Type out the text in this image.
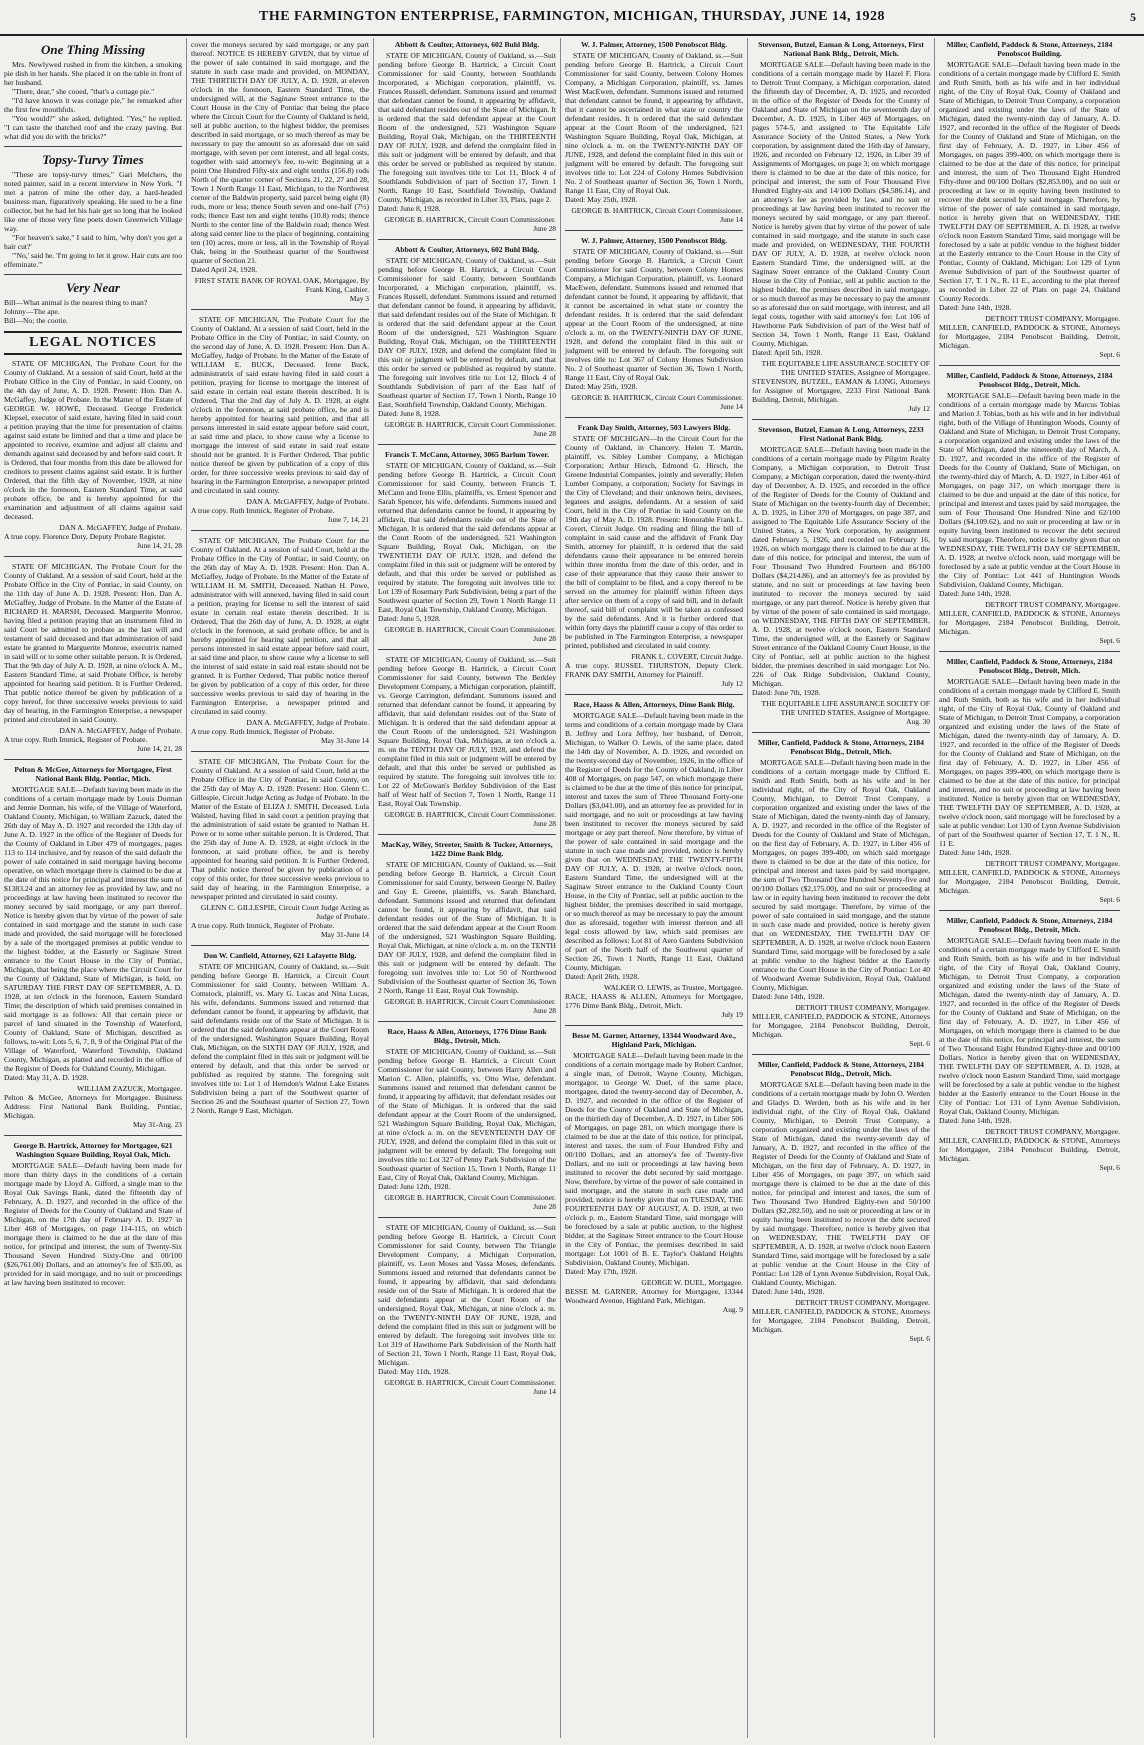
THE FARMINGTON ENTERPRISE, FARMINGTON, MICHIGAN, THURSDAY, JUNE 14, 1928	5
One Thing Missing

Mrs. Newlywed rushed in from the kitchen, a smoking pie dish in her hands. She placed it on the table in front of her husband.

"There, dear," she cooed, "that's a cottage pie."

"I'd have known it was cottage pie," he remarked after the first few mouthfuls.

"You would?" she asked, delighted. "Yes," he replied. "I can taste the thatched roof and the crazy paving. But what did you do with the bricks?"

Topsy-Turvy Times

"These are topsy-turvy times," Gari Melchers, the noted painter, said in a recent interview in New York. "I met a patron of mine the other day, a hard-headed business man, figuratively speaking. He used to be a fine collector, but he had let his hair get so long that he looked like one of those very fine poets down Greenwich Village way.

"For heaven's sake," I said to him, 'why don't you get a hair cut?'

"'No,' said he. 'I'm going to let it grow. Hair cuts are too effeminate.'"

Very Near

Bill—What animal is the nearest thing to man?

Johnny—The ape.

Bill—No; the cootie.

LEGAL NOTICES

STATE OF MICHIGAN, The Probate Court for the County of Oakland. At a session of said Court, held at the Probate Office in the City of Pontiac, in said County, on the 4th day of June, A. D. 1928. Present: Hon. Dan A. McGaffey, Judge of Probate. In the Matter of the Estate of GEORGE W. HOWE, Deceased. George Frederick Klepsel, executor of said estate, having filed in said court a petition praying that the time for presentation of claims against said estate be limited and that a time and place be appointed to receive, examine and adjust all claims and demands against said deceased by and before said court. It is Ordered, that four months from this date be allowed for creditors to present claims against said estate. It is further Ordered, that the fifth day of November, 1928, at nine o'clock in the forenoon, Eastern Standard Time, at said probate office, be and is hereby appointed for the examination and adjustment of all claims against said deceased.

DAN A. McGAFFEY, Judge of Probate.

A true copy. Florence Doty, Deputy Probate Register.

June 14, 21, 28

STATE OF MICHIGAN, The Probate Court for the County of Oakland. At a session of said Court, held at the Probate Office in the City of Pontiac, in said County, on the 11th day of June A. D. 1928. Present: Hon. Dan A. McGaffey, Judge of Probate. In the Matter of the Estate of RICHARD H. MARSH, Deceased. Marguerite Monroe, having filed a petition praying that an instrument filed in said Court be admitted to probate as the last will and testament of said deceased and that administration of said estate be granted to Marguerite Monroe, executrix named in said will or to some other suitable person. It is Ordered, That the 9th day of July A. D. 1928, at nine o'clock A. M., Eastern Standard Time, at said Probate Office, is hereby appointed for hearing said petition. It is Further Ordered, That public notice thereof be given by publication of a copy hereof, for three successive weeks previous to said day of hearing, in the Farmington Enterprise, a newspaper printed and circulated in said County.

DAN A. McGAFFEY, Judge of Probate.

A true copy. Ruth Immick, Register of Probate.

June 14, 21, 28

Pelton & McGee, Attorneys for Mortgagee, First National Bank Bldg. Pontiac, Mich.

MORTGAGE SALE—Default having been made in the conditions of a certain mortgage made by Louis Dorman and Jennie Dorman, his wife, of the Village of Waterford, Oakland County, Michigan, to William Zazuck, dated the 26th day of May A. D. 1927 and recorded the 13th day of June A. D. 1927 in the office of the Register of Deeds for the County of Oakland in Liber 479 of mortgages, pages 113 to 114 inclusive, and by reason of the said default the power of sale contained in said mortgage having become operative, on which mortgage there is claimed to be due at the date of this notice for principal and interest the sum of $1383.24 and an attorney fee as provided by law, and no proceedings at law having been instituted to recover the money secured by said mortgage, or any part thereof. Notice is hereby given that by virtue of the power of sale contained in said mortgage and the statute in such case made and provided, the said mortgage will be foreclosed by a sale of the mortgaged premises at public vendue to the highest bidder, at the Easterly or Saginaw Street entrance to the Court House in the City of Pontiac, Michigan, that being the place where the Circuit Court for the County of Oakland, State of Michigan, is held, on SATURDAY THE FIRST DAY OF SEPTEMBER, A. D. 1928, at ten o'clock in the forenoon, Eastern Standard Time; the description of which said premises contained in said mortgage is as follows: All that certain piece or parcel of land situated in the Township of Waterford, County of Oakland, State of Michigan, described as follows, to-wit: Lots 5, 6, 7, 8, 9 of the Original Plat of the Village of Waterford, Waterford Township, Oakland County, Michigan, as platted and recorded in the office of the Register of Deeds for Oakland County, Michigan.

Dated: May 31, A. D. 1928.

WILLIAM ZAZUCK, Mortgagee.

Pelton & McGee, Attorneys for Mortgagee. Business Address: First National Bank Building, Pontiac, Michigan.

May 31-Aug. 23

George B. Hartrick, Attorney for Mortgagee, 621 Washington Square Building, Royal Oak, Mich.

MORTGAGE SALE—Default having been made for more than thirty days in the conditions of a certain mortgage made by Lloyd A. Gifford, a single man to the Royal Oak Savings Bank, dated the fifteenth day of February, A. D. 1927, and recorded in the office of the Register of Deeds for the County of Oakland and State of Michigan, on the 17th day of February A. D. 1927 in Liber 468 of Mortgages, on page 114-115, on which mortgage there is claimed to be due at the date of this notice, for principal and interest, the sum of Twenty-Six Thousand Seven Hundred Sixty-One and 00/100 ($26,761.00) Dollars, and an attorney's fee of $35.00, as provided for in said mortgage, and no suit or proceedings at law having been instituted to recover.

cover the moneys secured by said mortgage, or any part thereof. NOTICE IS HEREBY GIVEN, that by virtue of the power of sale contained in said mortgage, and the statute in such case made and provided, on MONDAY, THE THIRTIETH DAY OF JULY, A. D. 1928, at eleven o'clock in the forenoon, Eastern Standard Time, the undersigned will, at the Saginaw Street entrance to the Court House in the City of Pontiac that being the place where the Circuit Court for the County of Oakland is held, sell at public auction, to the highest bidder, the premises described in said mortgage, or so much thereof as may be necessary to pay the amount so as aforesaid due on said mortgage, with seven per cent interest, and all legal costs, together with said attorney's fee, to-wit: Beginning at a point One Hundred Fifty-six and eight tenths (156.8) rods North of the quarter corner of Sections 21, 22, 27 and 28, Town 1 North Range 11 East, Michigan, to the Northwest corner of the Baldwin property, said parcel being eight (8) rods, more or less; thence South seven and one-half (7½) rods; thence East ten and eight tenths (10.8) rods; thence North to the center line of the Baldwin road; thence West along said center line to the place of beginning, containing ten (10) acres, more or less, all in the Township of Royal Oak, being in the Southeast quarter of the Southwest quarter of Section 21.

Dated April 24, 1928.

FIRST STATE BANK OF ROYAL OAK, Mortgagee. By Frank King, Cashier.

May 3

STATE OF MICHIGAN, The Probate Court for the County of Oakland. At a session of said Court, held in the Probate Office in the City of Pontiac, in said County, on the second day of June, A. D. 1928. Present: Hon. Dan A. McGaffey, Judge of Probate. In the Matter of the Estate of WILLIAM E. BUCK, Deceased. Irene Buck, administratrix of said estate having filed in said court a petition, praying for license to mortgage the interest of said estate in certain real estate therein described. It is Ordered, That the 2nd day of July A. D. 1928, at eight o'clock in the forenoon, at said probate office, be and is hereby appointed for hearing said petition, and that all persons interested in said estate appear before said court, at said time and place, to show cause why a license to mortgage the interest of said estate in said real estate should not be granted. It is Further Ordered, That public notice thereof be given by publication of a copy of this order, for three successive weeks previous to said day of hearing in the Farmington Enterprise, a newspaper printed and circulated in said county.

DAN A. McGAFFEY, Judge of Probate.

A true copy. Ruth Immick, Register of Probate.

June 7, 14, 21

STATE OF MICHIGAN, The Probate Court for the County of Oakland. At a session of said Court, held at the Probate Office in the City of Pontiac, in said County, on the 26th day of May A. D. 1928. Present: Hon. Dan A. McGaffey, Judge of Probate. In the Matter of the Estate of WILLIAM H. M. SMITH, Deceased. Nathan H. Powe, administrator with will annexed, having filed in said court a petition, praying for license to sell the interest of said estate in certain real estate therein described. It is Ordered, That the 26th day of June, A. D. 1928, at eight o'clock in the forenoon, at said probate office, be and is hereby appointed for hearing said petition, and that all persons interested in said estate appear before said court, at said time and place, to show cause why a license to sell the interest of said estate in said real estate should not be granted. It is Further Ordered, That public notice thereof be given by publication of a copy of this order, for three successive weeks previous to said day of hearing in the Farmington Enterprise, a newspaper printed and circulated in said county.

DAN A. McGAFFEY, Judge of Probate.

A true copy. Ruth Immick, Register of Probate.

May 31-June 14

STATE OF MICHIGAN, The Probate Court for the County of Oakland. At a session of said Court, held at the Probate Office in the City of Pontiac, in said County, on the 25th day of May A. D. 1928. Present: Hon. Glenn C. Gillespie, Circuit Judge Acting as Judge of Probate. In the Matter of the Estate of ELIZA J. SMITH, Deceased. Lula Walsted, having filed in said court a petition praying that the administration of said estate be granted to Nathan H. Powe or to some other suitable person. It is Ordered, That the 25th day of June A. D. 1928, at eight o'clock in the forenoon, at said probate office, be and is hereby appointed for hearing said petition. It is Further Ordered, That public notice thereof be given by publication of a copy of this order, for three successive weeks previous to said day of hearing, in the Farmington Enterprise, a newspaper printed and circulated in said county.

GLENN C. GILLESPIE, Circuit Court Judge Acting as Judge of Probate.

A true copy. Ruth Immick, Register of Probate.

May 31-June 14

Don W. Canfield, Attorney, 621 Lafayette Bldg.

STATE OF MICHIGAN, County of Oakland, ss.—Suit pending before George B. Hartrick, a Circuit Court Commissioner for said County, between William A. Comstock, plaintiff, vs. Mary G. Lucas and Nina Lucas, his wife, defendants. Summons issued and returned that defendant cannot be found, it appearing by affidavit, that said defendants reside out of the State of Michigan. It is ordered that the said defendants appear at the Court Room of the undersigned, Washington Square Building, Royal Oak, Michigan, on the SIXTH DAY OF JULY, 1928, and defend the complaint filed in this suit or judgment will be entered by default, and that this order be served or published as required by statute. The foregoing suit involves title to: Lot 1 of Herndon's Walnut Lake Estates Subdivision being a part of the Southwest quarter of Section 26 and the Southeast quarter of Section 27, Town 2 North, Range 9 East, Michigan.

Abbott & Coulter, Attorneys, 602 Buhl Bldg.

STATE OF MICHIGAN, County of Oakland, ss.—Suit pending before George B. Hartrick, a Circuit Court Commissioner for said County, between Southlands Incorporated, a Michigan corporation, plaintiff, vs. Frances Russell, defendant. Summons issued and returned that defendant cannot be found, it appearing by affidavit, that said defendant resides out of the State of Michigan. It is ordered that the said defendant appear at the Court Room of the undersigned, 521 Washington Square Building, Royal Oak, Michigan, on the THIRTEENTH DAY OF JULY, 1928, and defend the complaint filed in this suit or judgment will be entered by default, and that this order be served or published as required by statute. The foregoing suit involves title to: Lot 11, Block 4 of Southlands Subdivision of part of Section 17, Town 1 North, Range 10 East, Southfield Township, Oakland County, Michigan, as recorded in Liber 33, Plats, page 2.

Dated: June 8, 1928.

GEORGE B. HARTRICK, Circuit Court Commissioner.

June 28

Abbott & Coulter, Attorneys, 602 Buhl Bldg.

STATE OF MICHIGAN, County of Oakland, ss.—Suit pending before George B. Hartrick, a Circuit Court Commissioner for said County, between Southlands Incorporated, a Michigan corporation, plaintiff, vs. Frances Russell, defendant. Summons issued and returned that defendant cannot be found, it appearing by affidavit, that said defendant resides out of the State of Michigan. It is ordered that the said defendant appear at the Court Room of the undersigned, 521 Washington Square Building, Royal Oak, Michigan, on the THIRTEENTH DAY OF JULY, 1928, and defend the complaint filed in this suit or judgment will be entered by default, and that this order be served or published as required by statute. The foregoing suit involves title to: Lot 12, Block 4 of Southlands Subdivision of part of the East half of Southeast quarter of Section 17, Town 1 North, Range 10 East, Southfield Township, Oakland County, Michigan.

Dated: June 8, 1928.

GEORGE B. HARTRICK, Circuit Court Commissioner.

June 28

Francis T. McCann, Attorney, 3065 Barlum Tower.

STATE OF MICHIGAN, County of Oakland, ss.—Suit pending before George B. Hartrick, a Circuit Court Commissioner for said County, between Francis T. McCann and Irene Ellis, plaintiffs, vs. Ernest Spencer and Sarah Spencer, his wife, defendants. Summons issued and returned that defendants cannot be found, it appearing by affidavit, that said defendants reside out of the State of Michigan. It is ordered that the said defendants appear at the Court Room of the undersigned, 521 Washington Square Building, Royal Oak, Michigan, on the TWENTIETH DAY OF JULY, 1928, and defend the complaint filed in this suit or judgment will be entered by default, and that this order be served or published as required by statute. The foregoing suit involves title to: Lot 139 of Rosemary Park Subdivision, being a part of the Southwest quarter of Section 29, Town 1 North Range 11 East, Royal Oak Township, Oakland County, Michigan.

Dated: June 5, 1928.

GEORGE B. HARTRICK, Circuit Court Commissioner.

June 28

STATE OF MICHIGAN, County of Oakland, ss.—Suit pending before George B. Hartrick, a Circuit Court Commissioner for said County, between The Berkley Development Company, a Michigan corporation, plaintiff, vs. George Carrington, defendant. Summons issued and returned that defendant cannot be found, it appearing by affidavit, that said defendant resides out of the State of Michigan. It is ordered that the said defendant appear at the Court Room of the undersigned, 521 Washington Square Building, Royal Oak, Michigan, at ten o'clock a. m. on the TENTH DAY OF JULY, 1928, and defend the complaint filed in this suit or judgment will be entered by default, and that this order be served or published as required by statute. The foregoing suit involves title to: Lot 22 of McGowan's Berkley Subdivision of the East half of West half of Section 7, Town 1 North, Range 11 East, Royal Oak Township.

GEORGE B. HARTRICK, Circuit Court Commissioner.

June 28

MacKay, Wiley, Streeter, Smith & Tucker, Attorneys, 1422 Dime Bank Bldg.

STATE OF MICHIGAN, County of Oakland, ss.—Suit pending before George B. Hartrick, a Circuit Court Commissioner for said County, between George N. Bailey and Guy E. Greene, plaintiffs, vs. Sarah Blanchard, defendant. Summons issued and returned that defendant cannot be found, it appearing by affidavit, that said defendant resides out of the State of Michigan. It is ordered that the said defendant appear at the Court Room of the undersigned, 521 Washington Square Building, Royal Oak, Michigan, at nine o'clock a. m. on the TENTH DAY OF JULY, 1928, and defend the complaint filed in this suit or judgment will be entered by default. The foregoing suit involves title to: Lot 50 of Northwood Subdivision of the Southeast quarter of Section 36, Town 2 North, Range 11 East, Royal Oak Township.

GEORGE B. HARTRICK, Circuit Court Commissioner.

June 28

Race, Haass & Allen, Attorneys, 1776 Dime Bank Bldg., Detroit, Mich.

STATE OF MICHIGAN, County of Oakland, ss.—Suit pending before George B. Hartrick, a Circuit Court Commissioner for said County, between Harry Allen and Marion C. Allen, plaintiffs, vs. Otto Wise, defendant. Summons issued and returned that defendant cannot be found, it appearing by affidavit, that defendant resides out of the State of Michigan. It is ordered that the said defendant appear at the Court Room of the undersigned, 521 Washington Square Building, Royal Oak, Michigan, at nine o'clock a. m. on the SEVENTEENTH DAY OF JULY, 1928, and defend the complaint filed in this suit or judgment will be entered by default. The foregoing suit involves title to: Lot 327 of Penny Park Subdivision of the Southeast quarter of Section 15, Town 1 North, Range 11 East, City of Royal Oak, Oakland County, Michigan.

Dated: June 12th, 1928.

GEORGE B. HARTRICK, Circuit Court Commissioner.

June 28

STATE OF MICHIGAN, County of Oakland, ss.—Suit pending before George B. Hartrick, a Circuit Court Commissioner for said County, between The Triangle Development Company, a Michigan Corporation, plaintiff, vs. Leon Moses and Vassa Moses, defendants. Summons issued and returned that defendants cannot be found, it appearing by affidavit, that said defendants reside out of the State of Michigan. It is ordered that the said defendants appear at the Court Room of the undersigned, Royal Oak, Michigan, at nine o'clock a. m. on the TWENTY-NINTH DAY OF JUNE, 1928, and defend the complaint filed in this suit or judgment will be entered by default. The foregoing suit involves title to: Lot 319 of Hawthorne Park Subdivision of the North half of Section 21, Town 1 North, Range 11 East, Royal Oak, Michigan.

Dated: May 11th, 1928.

GEORGE B. HARTRICK, Circuit Court Commissioner.

June 14

W. J. Palmer, Attorney, 1500 Penobscot Bldg.

STATE OF MICHIGAN, County of Oakland, ss.—Suit pending before George B. Hartrick, a Circuit Court Commissioner for said County, between Colony Homes Company, a Michigan Corporation, plaintiff, vs. James West MacEwen, defendant. Summons issued and returned that defendant cannot be found, it appearing by affidavit, that it cannot be ascertained in what state or country the defendant resides. It is ordered that the said defendant appear at the Court Room of the undersigned, 521 Washington Square Building, Royal Oak, Michigan, at nine o'clock a. m. on the TWENTY-NINTH DAY OF JUNE, 1928, and defend the complaint filed in this suit or judgment will be entered by default. The foregoing suit involves title to: Lot 224 of Colony Homes Subdivision No. 2 of Southeast quarter of Section 36, Town 1 North, Range 11 East, City of Royal Oak.

Dated: May 25th, 1928.

GEORGE B. HARTRICK, Circuit Court Commissioner.

June 14

W. J. Palmer, Attorney, 1500 Penobscot Bldg.

STATE OF MICHIGAN, County of Oakland, ss.—Suit pending before George B. Hartrick, a Circuit Court Commissioner for said County, between Colony Homes Company, a Michigan Corporation, plaintiff, vs. Leonard MacEwen, defendant. Summons issued and returned that defendant cannot be found, it appearing by affidavit, that it cannot be ascertained in what state or country the defendant resides. It is ordered that the said defendant appear at the Court Room of the undersigned, at nine o'clock a. m. on the TWENTY-NINTH DAY OF JUNE, 1928, and defend the complaint filed in this suit or judgment will be entered by default. The foregoing suit involves title to: Lot 367 of Colony Homes Subdivision No. 2 of Southeast quarter of Section 36, Town 1 North, Range 11 East, City of Royal Oak.

Dated: May 25th, 1928.

GEORGE B. HARTRICK, Circuit Court Commissioner.

June 14

Frank Day Smith, Attorney, 503 Lawyers Bldg.

STATE OF MICHIGAN—In the Circuit Court for the County of Oakland, in Chancery. Helen T. Martin, plaintiff, vs. Sibley Lumber Company, a Michigan Corporation; Arthur Hirsch, Edmond G. Hirsch, the Greene Industrial Companies, jointly and severally; Helen Lumber Company, a corporation; Society for Savings in the City of Cleveland; and their unknown heirs, devisees, legatees and assigns, defendants. At a session of said Court, held in the City of Pontiac in said County on the 19th day of May A. D. 1928. Present: Honorable Frank L. Covert, Circuit Judge. On reading and filing the bill of complaint in said cause and the affidavit of Frank Day Smith, attorney for plaintiff, it is ordered that the said defendants cause their appearance to be entered herein within three months from the date of this order, and in case of their appearance that they cause their answer to the bill of complaint to be filed, and a copy thereof to be served on the attorney for plaintiff within fifteen days after service on them of a copy of said bill, and in default thereof, said bill of complaint will be taken as confessed by the said defendants. And it is further ordered that within forty days the plaintiff cause a copy of this order to be published in The Farmington Enterprise, a newspaper printed, published and circulated in said county.

FRANK L. COVERT, Circuit Judge.

A true copy. RUSSEL THURSTON, Deputy Clerk. FRANK DAY SMITH, Attorney for Plaintiff.

July 12

Race, Haass & Allen, Attorneys, Dime Bank Bldg.

MORTGAGE SALE—Default having been made in the terms and conditions of a certain mortgage made by Clara B. Jeffrey and Lora Jeffrey, her husband, of Detroit, Michigan, to Walker O. Lewis, of the same place, dated the 14th day of November, A. D. 1926, and recorded on the twenty-second day of November, 1926, in the office of the Register of Deeds for the County of Oakland, in Liber 408 of Mortgages, on page 547, on which mortgage there is claimed to be due at the time of this notice for principal, interest and taxes the sum of Three Thousand Forty-one Dollars ($3,041.00), and an attorney fee as provided for in said mortgage, and no suit or proceedings at law having been instituted to recover the moneys secured by said mortgage or any part thereof. Now therefore, by virtue of the power of sale contained in said mortgage and the statute in such case made and provided, notice is hereby given that on WEDNESDAY, THE TWENTY-FIFTH DAY OF JULY, A. D. 1928, at twelve o'clock noon, Eastern Standard Time, the undersigned will at the Saginaw Street entrance to the Oakland County Court House, in the City of Pontiac, sell at public auction to the highest bidder, the premises described in said mortgage, or so much thereof as may be necessary to pay the amount due as aforesaid, together with interest thereon and all legal costs allowed by law, which said premises are described as follows: Lot 81 of Aero Gardens Subdivision of part of the North half of the Southwest quarter of Section 26, Town 1 North, Range 11 East, Oakland County, Michigan.

Dated: April 26th, 1928.

WALKER O. LEWIS, as Trustee, Mortgagee.

RACE, HAASS & ALLEN, Attorneys for Mortgagee, 1776 Dime Bank Bldg., Detroit, Mich.

July 19

Besse M. Garner, Attorney, 13344 Woodward Ave., Highland Park, Michigan.

MORTGAGE SALE—Default having been made in the conditions of a certain mortgage made by Robert Cardner, a single man, of Detroit, Wayne County, Michigan, mortgagor, to George W. Duel, of the same place, mortgagee, dated the twenty-second day of December, A. D. 1927, and recorded in the office of the Register of Deeds for the County of Oakland and State of Michigan, on the thirtieth day of December, A. D. 1927, in Liber 506 of Mortgages, on page 281, on which mortgage there is claimed to be due at the date of this notice, for principal, interest and taxes, the sum of Four Hundred Fifty and 00/100 Dollars, and an attorney's fee of Twenty-five Dollars, and no suit or proceedings at law having been instituted to recover the debt secured by said mortgage. Now, therefore, by virtue of the power of sale contained in said mortgage, and the statute in such case made and provided, notice is hereby given that on TUESDAY, THE FOURTEENTH DAY OF AUGUST, A. D. 1928, at two o'clock p. m., Eastern Standard Time, said mortgage will be foreclosed by a sale at public auction, to the highest bidder, at the Saginaw Street entrance to the Court House in the City of Pontiac, the premises described in said mortgage: Lot 1001 of B. E. Taylor's Oakland Heights Subdivision, Oakland County, Michigan.

Dated: May 17th, 1928.

GEORGE W. DUEL, Mortgagee.

BESSE M. GARNER, Attorney for Mortgagee, 13344 Woodward Avenue, Highland Park, Michigan.

Aug. 9

Stevenson, Butzel, Eaman & Long, Attorneys, First National Bank Bldg., Detroit, Mich.

MORTGAGE SALE—Default having been made in the conditions of a certain mortgage made by Hazel F. Flora to Detroit Trust Company, a Michigan corporation, dated the fifteenth day of December, A. D. 1925, and recorded in the office of the Register of Deeds for the County of Oakland and State of Michigan on the seventeenth day of December, A. D. 1925, in Liber 469 of Mortgages, on pages 574-5, and assigned to The Equitable Life Assurance Society of the United States, a New York corporation, by assignment dated the 16th day of January, 1926, and recorded on February 12, 1926, in Liber 39 of Assignments of Mortgages, on page 3; on which mortgage there is claimed to be due at the date of this notice, for principal and interest, the sum of Four Thousand Five Hundred Eighty-six and 14/100 Dollars ($4,586.14), and an attorney's fee as provided by law, and no suit or proceedings at law having been instituted to recover the moneys secured by said mortgage, or any part thereof. Notice is hereby given that by virtue of the power of sale contained in said mortgage, and the statute in such case made and provided, on WEDNESDAY, THE FOURTH DAY OF JULY, A. D. 1928, at twelve o'clock noon Eastern Standard Time, the undersigned will, at the Saginaw Street entrance of the Oakland County Court House in the City of Pontiac, sell at public auction to the highest bidder, the premises described in said mortgage, or so much thereof as may be necessary to pay the amount so as aforesaid due on said mortgage, with interest, and all legal costs, together with said attorney's fee: Lot 106 of Hawthorne Park Subdivision of part of the West half of Section 34, Town 1 North, Range 11 East, Oakland County, Michigan.

Dated: April 5th, 1928.

THE EQUITABLE LIFE ASSURANCE SOCIETY OF THE UNITED STATES, Assignee of Mortgagee.

STEVENSON, BUTZEL, EAMAN & LONG, Attorneys for Assignee of Mortgagee, 2233 First National Bank Building, Detroit, Michigan.

July 12

Stevenson, Butzel, Eaman & Long, Attorneys, 2233 First National Bank Bldg.

MORTGAGE SALE—Default having been made in the conditions of a certain mortgage made by Pilgrim Realty Company, a Michigan corporation, to Detroit Trust Company, a Michigan corporation, dated the twenty-third day of December, A. D. 1925, and recorded in the office of the Register of Deeds for the County of Oakland and State of Michigan on the twenty-fourth day of December, A. D. 1925, in Liber 370 of Mortgages, on page 387, and assigned to The Equitable Life Assurance Society of the United States, a New York corporation, by assignment dated February 5, 1926, and recorded on February 16, 1926, on which mortgage there is claimed to be due at the date of this notice, for principal and interest, the sum of Four Thousand Two Hundred Fourteen and 86/100 Dollars ($4,214.86), and an attorney's fee as provided by statute, and no suit or proceedings at law having been instituted to recover the moneys secured by said mortgage, or any part thereof. Notice is hereby given that by virtue of the power of sale contained in said mortgage, on WEDNESDAY, THE FIFTH DAY OF SEPTEMBER, A. D. 1928, at twelve o'clock noon, Eastern Standard Time, the undersigned will, at the Easterly or Saginaw Street entrance of the Oakland County Court House, in the City of Pontiac, sell at public auction to the highest bidder, the premises described in said mortgage: Lot No. 226 of Oak Ridge Subdivision, Oakland County, Michigan.

Dated: June 7th, 1928.

THE EQUITABLE LIFE ASSURANCE SOCIETY OF THE UNITED STATES, Assignee of Mortgagee.

Aug. 30

Miller, Canfield, Paddock & Stone, Attorneys, 2184 Penobscot Bldg., Detroit, Mich.

MORTGAGE SALE—Default having been made in the conditions of a certain mortgage made by Clifford E. Smith and Ruth Smith, both as his wife and in her individual right, of the City of Royal Oak, Oakland County, Michigan, to Detroit Trust Company, a corporation organized and existing under the laws of the State of Michigan, dated the twenty-ninth day of January, A. D. 1927, and recorded in the office of the Register of Deeds for the County of Oakland and State of Michigan, on the first day of February, A. D. 1927, in Liber 456 of Mortgages, on pages 399-400, on which said mortgage there is claimed to be due at the date of this notice, for principal and interest and taxes paid by said mortgagee, the sum of Two Thousand One Hundred Seventy-five and 00/100 Dollars ($2,175.00), and no suit or proceeding at law or in equity having been instituted to recover the debt secured by said mortgage. Therefore, by virtue of the power of sale contained in said mortgage, and the statute in such case made and provided, notice is hereby given that on WEDNESDAY, THE TWELFTH DAY OF SEPTEMBER, A. D. 1928, at twelve o'clock noon Eastern Standard Time, said mortgage will be foreclosed by a sale at public vendue to the highest bidder at the Easterly entrance to the Court House in the City of Pontiac: Lot 40 of Woodward Avenue Subdivision, Royal Oak, Oakland County, Michigan.

Dated: June 14th, 1928.

DETROIT TRUST COMPANY, Mortgagee.

MILLER, CANFIELD, PADDOCK & STONE, Attorneys for Mortgagee, 2184 Penobscot Building, Detroit, Michigan.

Sept. 6

Miller, Canfield, Paddock & Stone, Attorneys, 2184 Penobscot Bldg., Detroit, Mich.

MORTGAGE SALE—Default having been made in the conditions of a certain mortgage made by John O. Werden and Gladys D. Werden, both as his wife and in her individual right, of the City of Royal Oak, Oakland County, Michigan, to Detroit Trust Company, a corporation organized and existing under the laws of the State of Michigan, dated the twenty-seventh day of January, A. D. 1927, and recorded in the office of the Register of Deeds for the County of Oakland and State of Michigan, on the first day of February, A. D. 1927, in Liber 456 of Mortgages, on page 397, on which said mortgage there is claimed to be due at the date of this notice, for principal and interest and taxes, the sum of Two Thousand Two Hundred Eighty-two and 50/100 Dollars ($2,282.50), and no suit or proceeding at law or in equity having been instituted to recover the debt secured by said mortgage. Therefore, notice is hereby given that on WEDNESDAY, THE TWELFTH DAY OF SEPTEMBER, A. D. 1928, at twelve o'clock noon Eastern Standard Time, said mortgage will be foreclosed by a sale at public vendue at the Court House in the City of Pontiac: Lot 128 of Lynn Avenue Subdivision, Royal Oak, Oakland County, Michigan.

Dated: June 14th, 1928.

DETROIT TRUST COMPANY, Mortgagee.

MILLER, CANFIELD, PADDOCK & STONE, Attorneys for Mortgagee, 2184 Penobscot Building, Detroit, Michigan.

Sept. 6

Miller, Canfield, Paddock & Stone, Attorneys, 2184 Penobscot Building.

MORTGAGE SALE—Default having been made in the conditions of a certain mortgage made by Clifford E. Smith and Ruth Smith, both as his wife and in her individual right, of the City of Royal Oak, County of Oakland and State of Michigan, to Detroit Trust Company, a corporation organized and existing under the laws of the State of Michigan, dated the twenty-ninth day of January, A. D. 1927, and recorded in the office of the Register of Deeds for the County of Oakland and State of Michigan, on the first day of February, A. D. 1927, in Liber 456 of Mortgages, on pages 399-400, on which mortgage there is claimed to be due at the date of this notice, for principal and interest, the sum of Two Thousand Eight Hundred Fifty-three and 00/100 Dollars ($2,853.00), and no suit or proceeding at law or in equity having been instituted to recover the debt secured by said mortgage. Therefore, by virtue of the power of sale contained in said mortgage, notice is hereby given that on WEDNESDAY, THE TWELFTH DAY OF SEPTEMBER, A. D. 1928, at twelve o'clock noon Eastern Standard Time, said mortgage will be foreclosed by a sale at public vendue to the highest bidder at the Easterly entrance to the Court House in the City of Pontiac, County of Oakland, Michigan: Lot 129 of Lynn Avenue Subdivision of part of the Southwest quarter of Section 17, T. 1 N., R. 11 E., according to the plat thereof as recorded in Liber 22 of Plats on page 24, Oakland County Records.

Dated: June 14th, 1928.

DETROIT TRUST COMPANY, Mortgagee.

MILLER, CANFIELD, PADDOCK & STONE, Attorneys for Mortgagee, 2184 Penobscot Building, Detroit, Michigan.

Sept. 6

Miller, Canfield, Paddock & Stone, Attorneys, 2184 Penobscot Bldg., Detroit, Mich.

MORTGAGE SALE—Default having been made in the conditions of a certain mortgage made by Marcus Tobias and Marion J. Tobias, both as his wife and in her individual right, both of the Village of Huntington Woods, County of Oakland and State of Michigan, to Detroit Trust Company, a corporation organized and existing under the laws of the State of Michigan, dated the nineteenth day of March, A. D. 1927, and recorded in the office of the Register of Deeds for the County of Oakland, State of Michigan, on the twenty-third day of March, A. D. 1927, in Liber 461 of Mortgages, on page 317, on which mortgage there is claimed to be due and unpaid at the date of this notice, for principal and interest and taxes paid by said mortgagee, the sum of Four Thousand One Hundred Nine and 62/100 Dollars ($4,109.62), and no suit or proceeding at law or in equity having been instituted to recover the debt secured by said mortgage. Therefore, notice is hereby given that on WEDNESDAY, THE TWELFTH DAY OF SEPTEMBER, A. D. 1928, at twelve o'clock noon, said mortgage will be foreclosed by a sale at public vendue at the Court House in the City of Pontiac: Lot 441 of Huntington Woods Subdivision, Oakland County, Michigan.

Dated: June 14th, 1928.

DETROIT TRUST COMPANY, Mortgagee.

MILLER, CANFIELD, PADDOCK & STONE, Attorneys for Mortgagee, 2184 Penobscot Building, Detroit, Michigan.

Sept. 6

Miller, Canfield, Paddock & Stone, Attorneys, 2184 Penobscot Bldg., Detroit, Mich.

MORTGAGE SALE—Default having been made in the conditions of a certain mortgage made by Clifford E. Smith and Ruth Smith, both as his wife and in her individual right, of the City of Royal Oak, County of Oakland and State of Michigan, to Detroit Trust Company, a corporation organized and existing under the laws of the State of Michigan, dated the twenty-ninth day of January, A. D. 1927, and recorded in the office of the Register of Deeds for the County of Oakland and State of Michigan, on the first day of February, A. D. 1927, in Liber 456 of Mortgages, on pages 399-400, on which mortgage there is claimed to be due at the date of this notice, for principal and interest, and no suit or proceeding at law having been instituted. Notice is hereby given that on WEDNESDAY, THE TWELFTH DAY OF SEPTEMBER, A. D. 1928, at twelve o'clock noon, said mortgage will be foreclosed by a sale at public vendue: Lot 130 of Lynn Avenue Subdivision of part of the Southwest quarter of Section 17, T. 1 N., R. 11 E.

Dated: June 14th, 1928.

DETROIT TRUST COMPANY, Mortgagee.

MILLER, CANFIELD, PADDOCK & STONE, Attorneys for Mortgagee, 2184 Penobscot Building, Detroit, Michigan.

Sept. 6

Miller, Canfield, Paddock & Stone, Attorneys, 2184 Penobscot Bldg., Detroit, Mich.

MORTGAGE SALE—Default having been made in the conditions of a certain mortgage made by Clifford E. Smith and Ruth Smith, both as his wife and in her individual right, of the City of Royal Oak, Oakland County, Michigan, to Detroit Trust Company, a corporation organized and existing under the laws of the State of Michigan, dated the twenty-ninth day of January, A. D. 1927, and recorded in the office of the Register of Deeds for the County of Oakland and State of Michigan, on the first day of February, A. D. 1927, in Liber 456 of Mortgages, on which mortgage there is claimed to be due at the date of this notice, for principal and interest, the sum of Two Thousand Eight Hundred Eighty-three and 00/100 Dollars. Notice is hereby given that on WEDNESDAY, THE TWELFTH DAY OF SEPTEMBER, A. D. 1928, at twelve o'clock noon Eastern Standard Time, said mortgage will be foreclosed by a sale at public vendue to the highest bidder at the Easterly entrance to the Court House in the City of Pontiac: Lot 131 of Lynn Avenue Subdivision, Royal Oak, Oakland County, Michigan.

Dated: June 14th, 1928.

DETROIT TRUST COMPANY, Mortgagee.

MILLER, CANFIELD, PADDOCK & STONE, Attorneys for Mortgagee, 2184 Penobscot Building, Detroit, Michigan.

Sept. 6
